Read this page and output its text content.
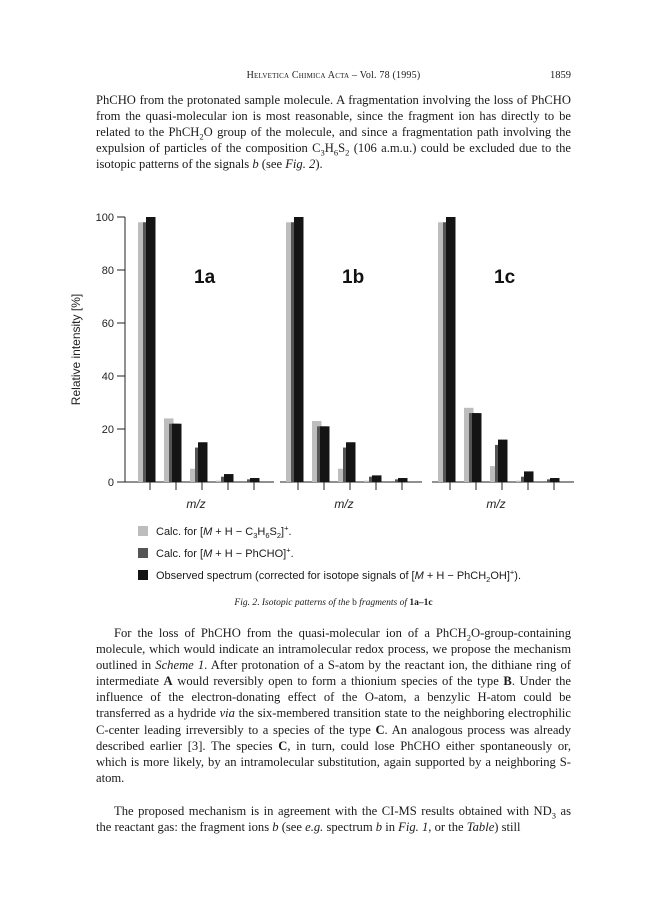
Helvetica Chimica Acta – Vol. 78 (1995)	1859

PhCHO from the protonated sample molecule. A fragmentation involving the loss of PhCHO from the quasi-molecular ion is most reasonable, since the fragment ion has directly to be related to the PhCH$_2$O group of the molecule, and since a fragmentation path involving the expulsion of particles of the composition $C_3H_6S_2$ (106 a.m.u.) could be excluded due to the isotopic patterns of the signals b (see Fig. 2).

0
20
40
60
80
100
Relative intensity [%]
1a
m/z
1b
m/z
1c
m/z
Calc. for $[M + H - C_3H_6S_2]^+$.
Calc. for [M + H − PhCHO]+.
Observed spectrum (corrected for isotope signals of [M + H − PhCH$_2$OH]+).
Fig. 2. Isotopic patterns of the b fragments of 1a–1c

For the loss of PhCHO from the quasi-molecular ion of a PhCH$_2$O-group-containing molecule, which would indicate an intramolecular redox process, we propose the mechanism outlined in Scheme 1. After protonation of a S-atom by the reactant ion, the dithiane ring of intermediate A would reversibly open to form a thionium species of the type B. Under the influence of the electron-donating effect of the O-atom, a benzylic H-atom could be transferred as a hydride via the six-membered transition state to the neighboring electrophilic C-center leading irreversibly to a species of the type C. An analogous process was already described earlier [3]. The species C, in turn, could lose PhCHO either spontaneously or, which is more likely, by an intramolecular substitution, again supported by a neighboring S-atom.

The proposed mechanism is in agreement with the CI-MS results obtained with $ND_3$ as the reactant gas: the fragment ions b (see e.g. spectrum b in Fig. 1, or the Table) still
